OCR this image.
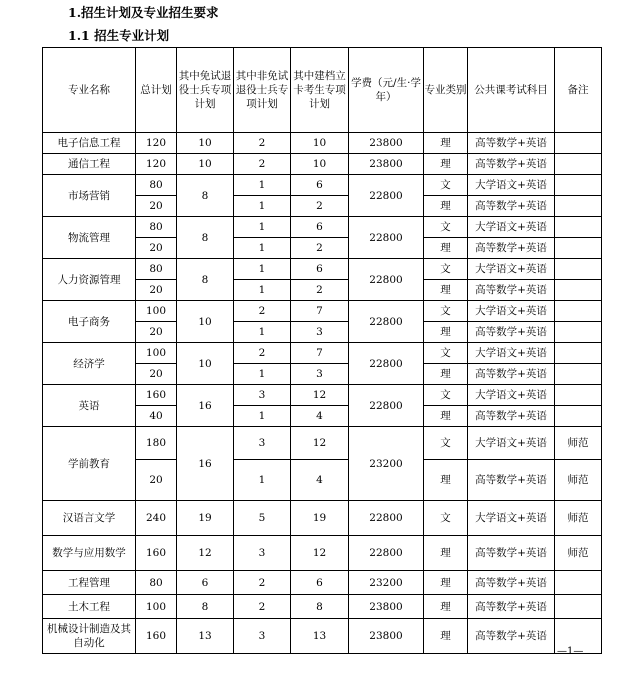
1.招生计划及专业招生要求
1.1 招生专业计划
专业名称	总计划	其中免试退役士兵专项计划	其中非免试退役士兵专项计划	其中建档立卡考生专项计划	学费（元/生·学年）	专业类别	公共课考试科目	备注
电子信息工程	120	10	2	10	23800	理	高等数学+英语	
通信工程	120	10	2	10	23800	理	高等数学+英语	
市场营销	80	8	1	6	22800	文	大学语文+英语	
	20		1	2		理	高等数学+英语	
物流管理	80	8	1	6	22800	文	大学语文+英语	
	20		1	2		理	高等数学+英语	
人力资源管理	80	8	1	6	22800	文	大学语文+英语	
	20		1	2		理	高等数学+英语	
电子商务	100	10	2	7	22800	文	大学语文+英语	
	20		1	3		理	高等数学+英语	
经济学	100	10	2	7	22800	文	大学语文+英语	
	20		1	3		理	高等数学+英语	
英语	160	16	3	12	22800	文	大学语文+英语	
	40		1	4		理	高等数学+英语	
学前教育	180	16	3	12	23200	文	大学语文+英语	师范
	20		1	4		理	高等数学+英语	师范
汉语言文学	240	19	5	19	22800	文	大学语文+英语	师范
数学与应用数学	160	12	3	12	22800	理	高等数学+英语	师范
工程管理	80	6	2	6	23200	理	高等数学+英语	
土木工程	100	8	2	8	23800	理	高等数学+英语	
机械设计制造及其自动化	160	13	3	13	23800	理	高等数学+英语	
—1—
